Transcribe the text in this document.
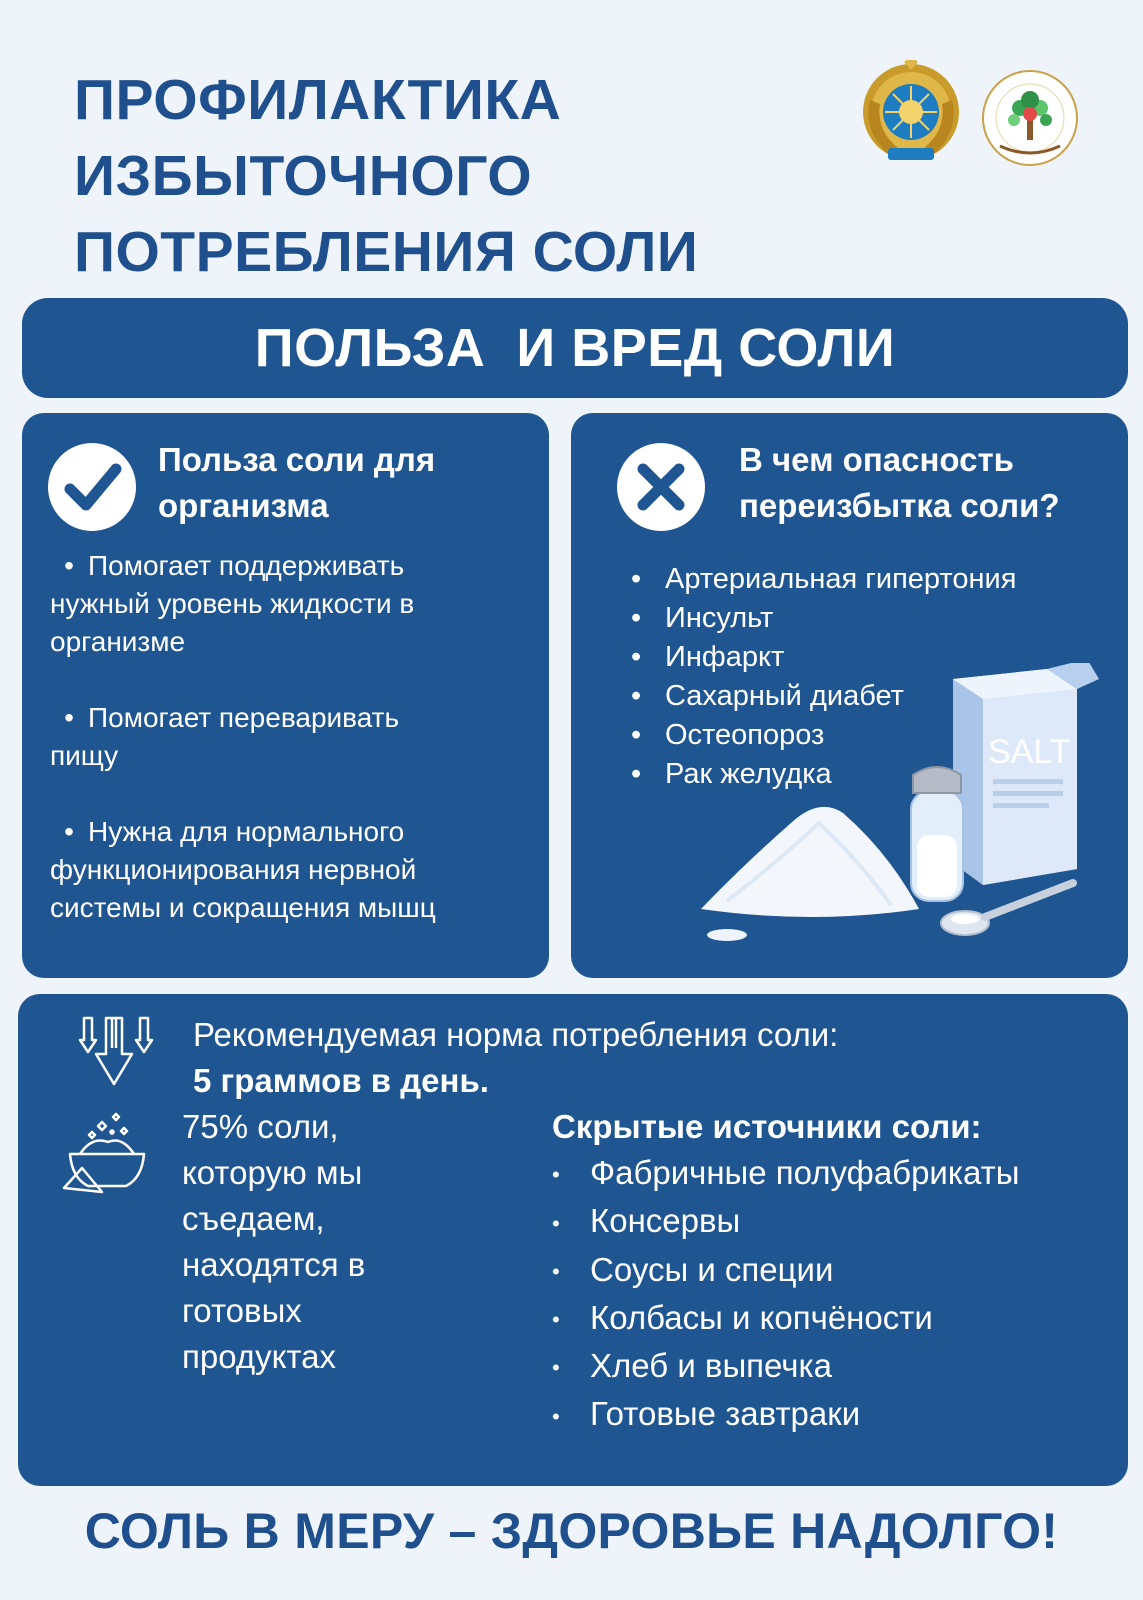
ПРОФИЛАКТИКА
ИЗБЫТОЧНОГО
ПОТРЕБЛЕНИЯ СОЛИ
ПОЛЬЗА  И ВРЕД СОЛИ
Польза соли для
организма
• Помогает поддерживать
нужный уровень жидкости в
организме
• Помогает переваривать
пищу
• Нужна для нормального
функционирования нервной
системы и сокращения мышц
В чем опасность
переизбытка соли?
• Артериальная гипертония
• Инсульт
• Инфаркт
• Сахарный диабет
• Остеопороз
• Рак желудка
SALT
Рекомендуемая норма потребления соли:
5 граммов в день.
75% соли,
которую мы
съедаем,
находятся в
готовых
продуктах
Скрытые источники соли:
• Фабричные полуфабрикаты
• Консервы
• Соусы и специи
• Колбасы и копчёности
• Хлеб и выпечка
• Готовые завтраки
СОЛЬ В МЕРУ – ЗДОРОВЬЕ НАДОЛГО!
